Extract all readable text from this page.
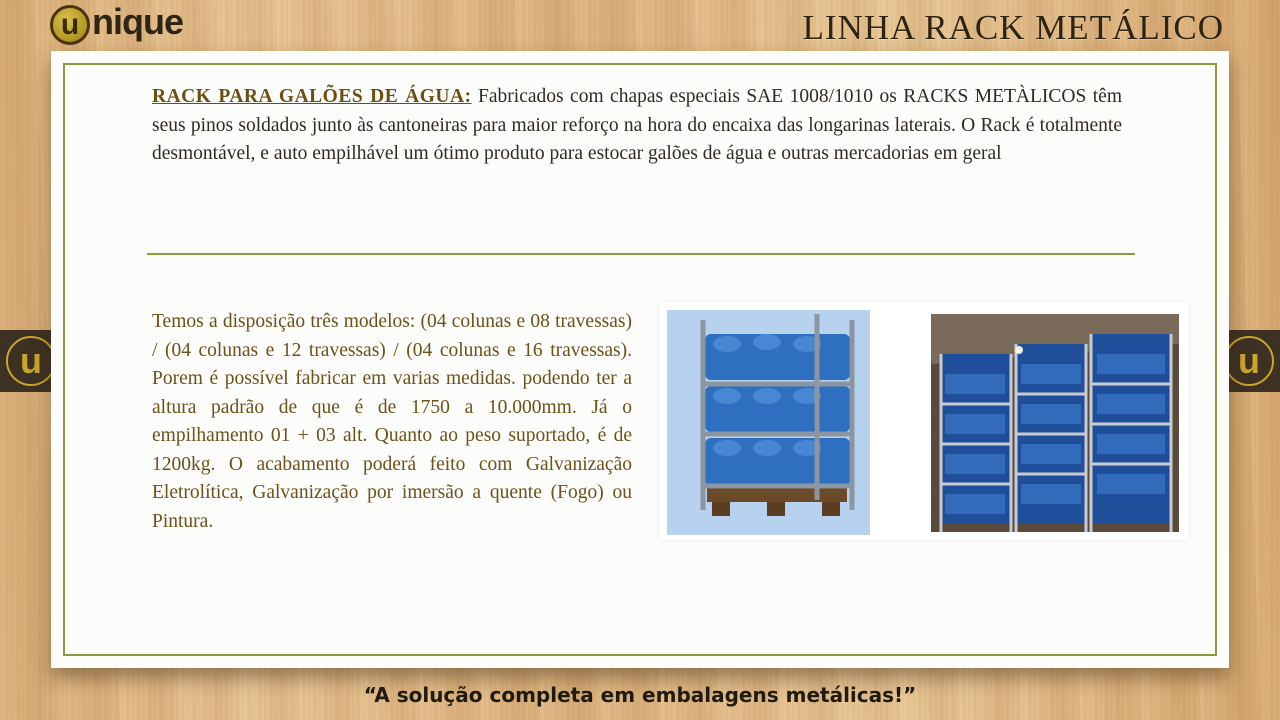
u nique	LINHA RACK METÁLICO
u	u

RACK PARA GALÕES DE ÁGUA: Fabricados com chapas especiais SAE 1008/1010 os RACKS METÀLICOS têm seus pinos soldados junto às cantoneiras para maior reforço na hora do encaixa das longarinas laterais. O Rack é totalmente desmontável, e auto empilhável um ótimo produto para estocar galões de água e outras mercadorias em geral

Temos a disposição três modelos: (04 colunas e 08 travessas) / (04 colunas e 12 travessas) / (04 colunas e 16 travessas). Porem é possível fabricar em varias medidas. podendo ter a altura padrão de que é de 1750 a 10.000mm. Já o empilhamento 01 + 03 alt. Quanto ao peso suportado, é de 1200kg. O acabamento poderá feito com Galvanização Eletrolítica, Galvanização por imersão a quente (Fogo) ou Pintura.

“A solução completa em embalagens metálicas!”
